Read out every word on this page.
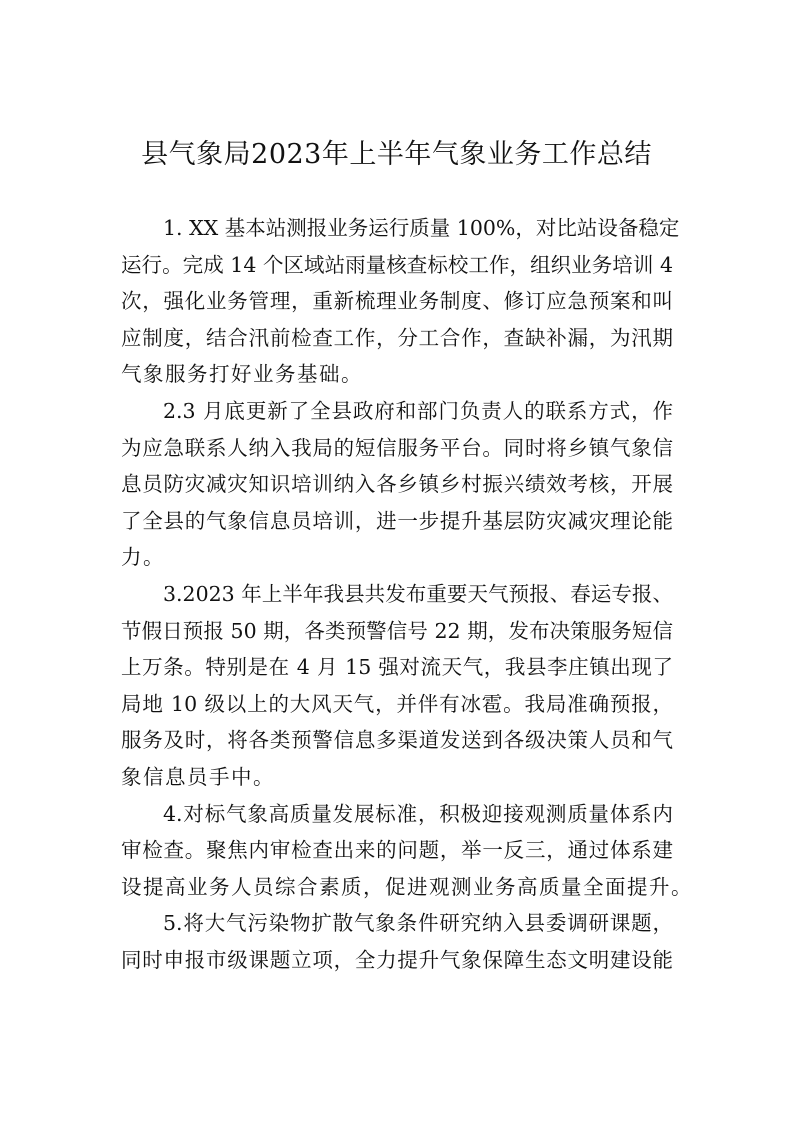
县气象局2023年上半年气象业务工作总结
1. XX 基本站测报业务运行质量 100%，对比站设备稳定
运行。完成 14 个区域站雨量核查标校工作，组织业务培训 4
次，强化业务管理，重新梳理业务制度、修订应急预案和叫
应制度，结合汛前检查工作，分工合作，查缺补漏，为汛期
气象服务打好业务基础。
2.3 月底更新了全县政府和部门负责人的联系方式，作
为应急联系人纳入我局的短信服务平台。同时将乡镇气象信
息员防灾减灾知识培训纳入各乡镇乡村振兴绩效考核，开展
了全县的气象信息员培训，进一步提升基层防灾减灾理论能
力。
3.2023 年上半年我县共发布重要天气预报、春运专报、
节假日预报 50 期，各类预警信号 22 期，发布决策服务短信
上万条。特别是在 4 月 15 强对流天气，我县李庄镇出现了
局地 10 级以上的大风天气，并伴有冰雹。我局准确预报，
服务及时，将各类预警信息多渠道发送到各级决策人员和气
象信息员手中。
4.对标气象高质量发展标准，积极迎接观测质量体系内
审检查。聚焦内审检查出来的问题，举一反三，通过体系建
设提高业务人员综合素质，促进观测业务高质量全面提升。
5.将大气污染物扩散气象条件研究纳入县委调研课题，
同时申报市级课题立项，全力提升气象保障生态文明建设能
